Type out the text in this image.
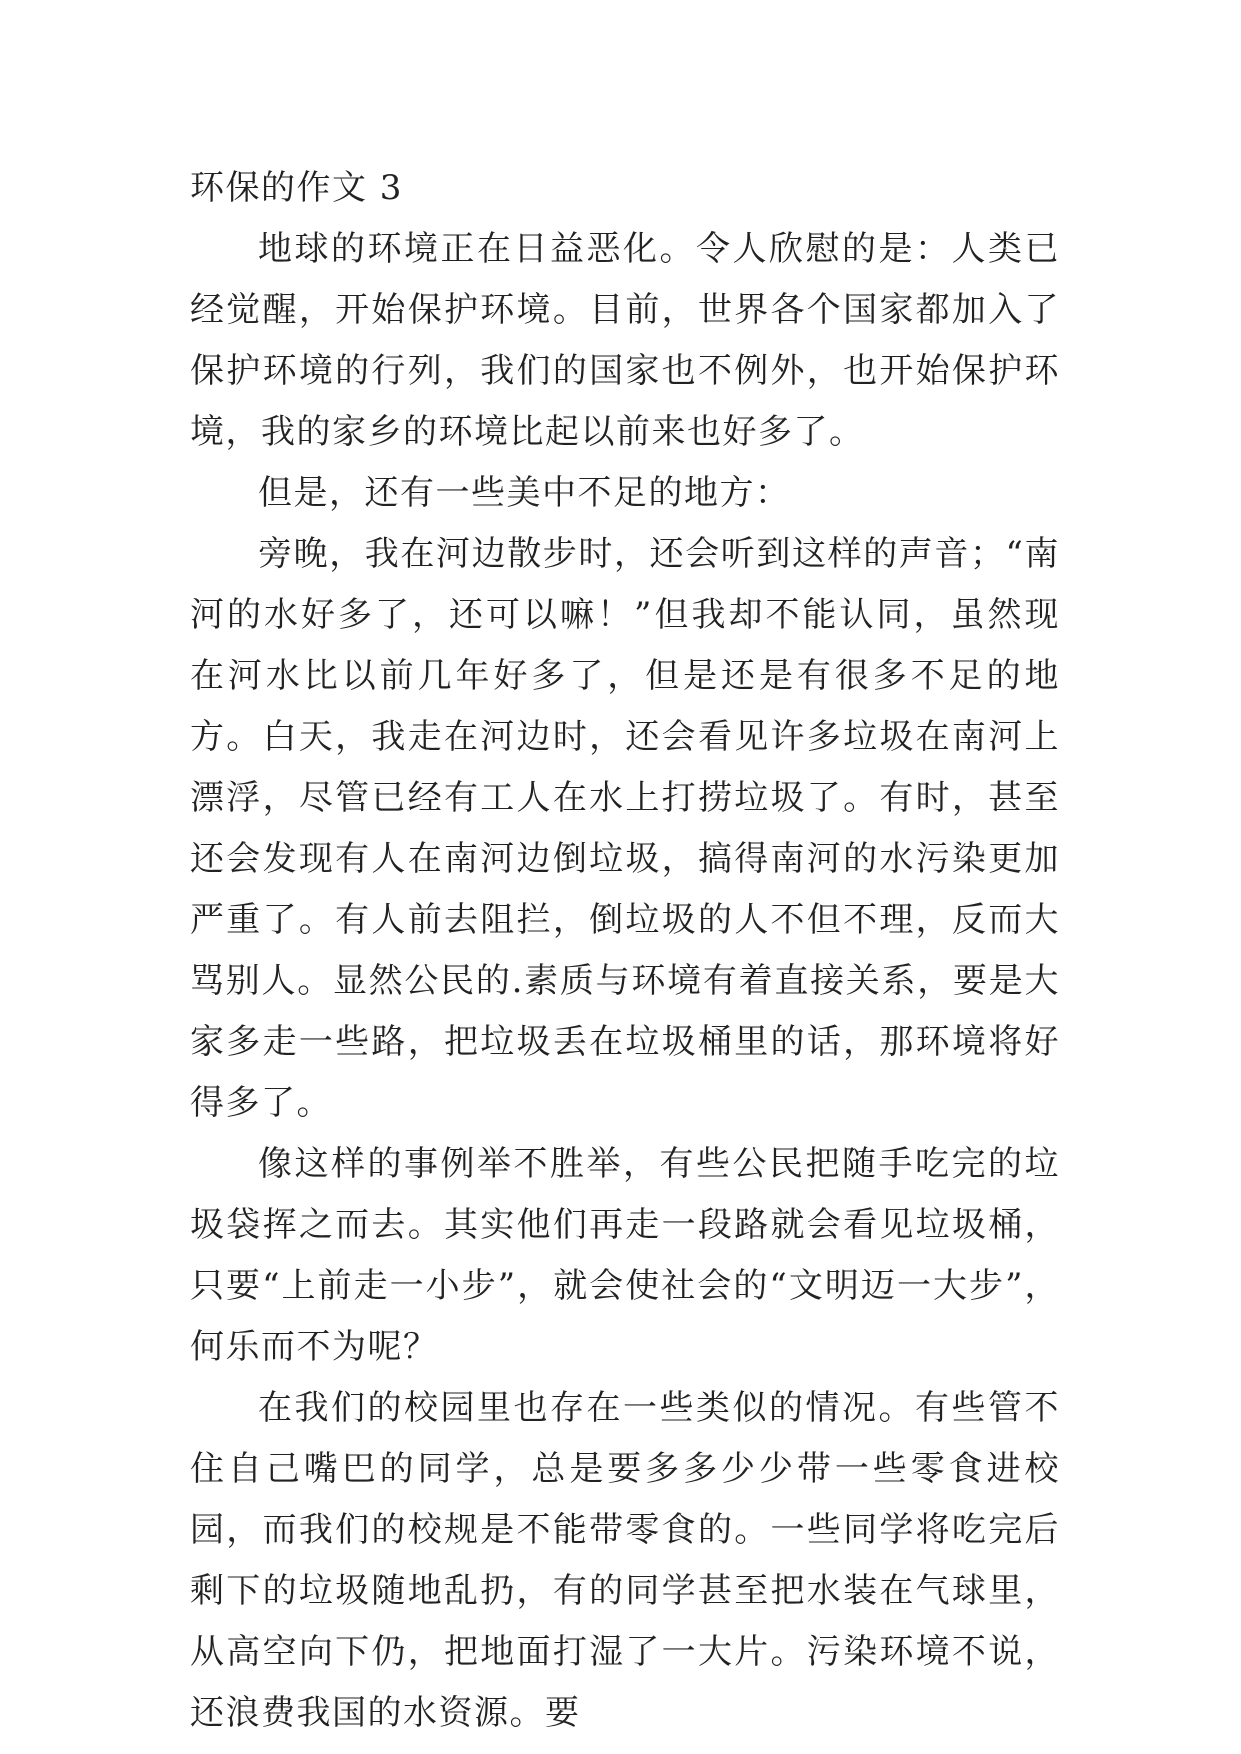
环保的作文 3

地球的环境正在日益恶化。令人欣慰的是：人类已经觉醒，开始保护环境。目前，世界各个国家都加入了保护环境的行列，我们的国家也不例外，也开始保护环境，我的家乡的环境比起以前来也好多了。

但是，还有一些美中不足的地方：

旁晚，我在河边散步时，还会听到这样的声音；“南河的水好多了，还可以嘛！”但我却不能认同，虽然现在河水比以前几年好多了，但是还是有很多不足的地方。白天，我走在河边时，还会看见许多垃圾在南河上漂浮，尽管已经有工人在水上打捞垃圾了。有时，甚至还会发现有人在南河边倒垃圾，搞得南河的水污染更加严重了。有人前去阻拦，倒垃圾的人不但不理，反而大骂别人。显然公民的.素质与环境有着直接关系，要是大家多走一些路，把垃圾丢在垃圾桶里的话，那环境将好得多了。

像这样的事例举不胜举，有些公民把随手吃完的垃圾袋挥之而去。其实他们再走一段路就会看见垃圾桶，只要“上前走一小步”，就会使社会的“文明迈一大步”，何乐而不为呢？

在我们的校园里也存在一些类似的情况。有些管不住自己嘴巴的同学，总是要多多少少带一些零食进校园，而我们的校规是不能带零食的。一些同学将吃完后剩下的垃圾随地乱扔，有的同学甚至把水装在气球里，从高空向下仍，把地面打湿了一大片。污染环境不说，还浪费我国的水资源。要
